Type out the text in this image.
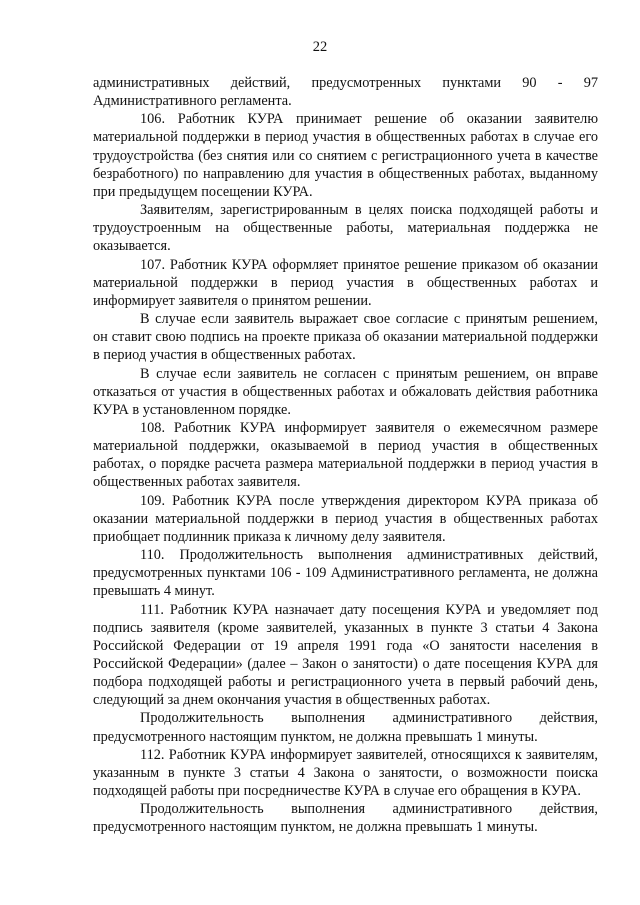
22

административных действий, предусмотренных пунктами 90 - 97 Административного регламента.

106. Работник КУРА принимает решение об оказании заявителю материальной поддержки в период участия в общественных работах в случае его трудоустройства (без снятия или со снятием с регистрационного учета в качестве безработного) по направлению для участия в общественных работах, выданному при предыдущем посещении КУРА.

Заявителям, зарегистрированным в целях поиска подходящей работы и трудоустроенным на общественные работы, материальная поддержка не оказывается.

107. Работник КУРА оформляет принятое решение приказом об оказании материальной поддержки в период участия в общественных работах и информирует заявителя о принятом решении.

В случае если заявитель выражает свое согласие с принятым решением, он ставит свою подпись на проекте приказа об оказании материальной поддержки в период участия в общественных работах.

В случае если заявитель не согласен с принятым решением, он вправе отказаться от участия в общественных работах и обжаловать действия работника КУРА в установленном порядке.

108. Работник КУРА информирует заявителя о ежемесячном размере материальной поддержки, оказываемой в период участия в общественных работах, о порядке расчета размера материальной поддержки в период участия в общественных работах заявителя.

109. Работник КУРА после утверждения директором КУРА приказа об оказании материальной поддержки в период участия в общественных работах приобщает подлинник приказа к личному делу заявителя.

110. Продолжительность выполнения административных действий, предусмотренных пунктами 106 - 109 Административного регламента, не должна превышать 4 минут.

111. Работник КУРА назначает дату посещения КУРА и уведомляет под подпись заявителя (кроме заявителей, указанных в пункте 3 статьи 4 Закона Российской Федерации от 19 апреля 1991 года «О занятости населения в Российской Федерации» (далее – Закон о занятости) о дате посещения КУРА для подбора подходящей работы и регистрационного учета в первый рабочий день, следующий за днем окончания участия в общественных работах.

Продолжительность выполнения административного действия, предусмотренного настоящим пунктом, не должна превышать 1 минуты.

112. Работник КУРА информирует заявителей, относящихся к заявителям, указанным в пункте 3 статьи 4 Закона о занятости, о возможности поиска подходящей работы при посредничестве КУРА в случае его обращения в КУРА.

Продолжительность выполнения административного действия, предусмотренного настоящим пунктом, не должна превышать 1 минуты.
